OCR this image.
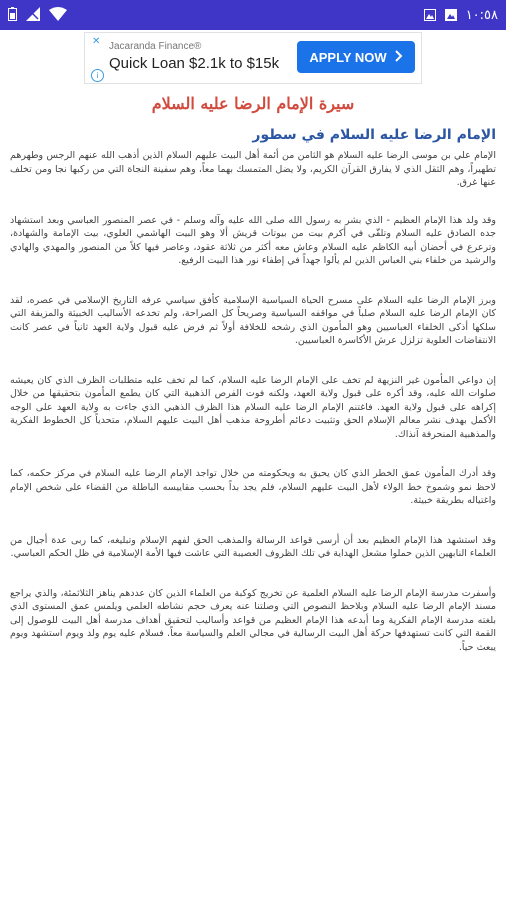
١٠:٥٨
✕
i
Jacaranda Finance®
Quick Loan $2.1k to $15k APPLY NOW
سيرة الإمام الرضا عليه السلام
الإمام الرضا عليه السلام في سطور

الإمام علي بن موسى الرضا عليه السلام هو الثامن من أئمة أهل البيت عليهم السلام الذين أذهب الله عنهم الرجس وطهرهم تطهيراً، وهم الثقل الذي لا يفارق القرآن الكريم، ولا يضل المتمسك بهما معاً، وهم سفينة النجاة التي من ركبها نجا ومن تخلف عنها غرق.

وقد ولد هذا الإمام العظيم - الذي بشر به رسول الله صلى الله عليه وآله وسلم - في عصر المنصور العباسي وبعد استشهاد جده الصادق عليه السلام وتلقّى في أكرم بيت من بيوتات قريش ألا وهو البيت الهاشمي العلوي، بيت الإمامة والشهادة، وترعرع في أحضان أبيه الكاظم عليه السلام وعاش معه أكثر من ثلاثة عقود، وعاصر فيها كلاً من المنصور والمهدي والهادي والرشيد من خلفاء بني العباس الذين لم يألوا جهداً في إطفاء نور هذا البيت الرفيع.

وبرز الإمام الرضا عليه السلام على مسرح الحياة السياسية الإسلامية كأفق سياسي عرفه التاريخ الإسلامي في عصره، لقد كان الإمام الرضا عليه السلام صلباً في مواقفه السياسية وصريحاً كل الصراحة، ولم تخدعه الأساليب الخبيثة والمزيفة التي سلكها أذكى الخلفاء العباسيين وهو المأمون الذي رشحه للخلافة أولاً ثم فرض عليه قبول ولاية العهد ثانياً في عصر كانت الانتفاضات العلوية تزلزل عرش الأكاسرة العباسيين.

إن دواعي المأمون غير النزيهة لم تخف على الإمام الرضا عليه السلام، كما لم تخف عليه متطلبات الظرف الذي كان يعيشه صلوات الله عليه، وقد أكره على قبول ولاية العهد، ولكنه فوت الفرص الذهبية التي كان يطمع المأمون بتحقيقها من خلال إكراهه على قبول ولاية العهد. فاغتنم الإمام الرضا عليه السلام هذا الظرف الذهبي الذي جاءت به ولاية العهد على الوجه الأكمل بهدف نشر معالم الإسلام الحق وتثبيت دعائم أطروحة مذهب أهل البيت عليهم السلام، متحدياً كل الخطوط الفكرية والمذهبية المنحرفة آنذاك.

وقد أدرك المأمون عمق الخطر الذي كان يحيق به ويحكومته من خلال تواجد الإمام الرضا عليه السلام في مركز حكمه، كما لاحظ نمو وشموخ خط الولاء لأهل البيت عليهم السلام، فلم يجد بداً بحسب مقاييسه الباطلة من القضاء على شخص الإمام واغتياله بطريقة خبيثة.

وقد استشهد هذا الإمام العظيم بعد أن أرسى قواعد الرسالة والمذهب الحق لفهم الإسلام وتبليغه، كما ربى عدة أجيال من العلماء النابهين الذين حملوا مشعل الهداية في تلك الظروف العصيبة التي عاشت فيها الأمة الإسلامية في ظل الحكم العباسي.

وأسفرت مدرسة الإمام الرضا عليه السلام العلمية عن تخريج كوكبة من العلماء الذين كان عددهم يناهز الثلاثمئة، والذي يراجع مسند الإمام الرضا عليه السلام وبلاحظ النصوص التي وصلتنا عنه يعرف حجم نشاطه العلمي ويلمس عمق المستوى الذي بلغته مدرسة الإمام الفكرية وما أبدعه هذا الإمام العظيم من قواعد وأساليب لتحقيق أهداف مدرسة أهل البيت للوصول إلى القمة التي كانت تستهدفها حركة أهل البيت الرسالية في مجالي العلم والسياسة معاً. فسلام عليه يوم ولد ويوم استشهد ويوم يبعث حياً.
